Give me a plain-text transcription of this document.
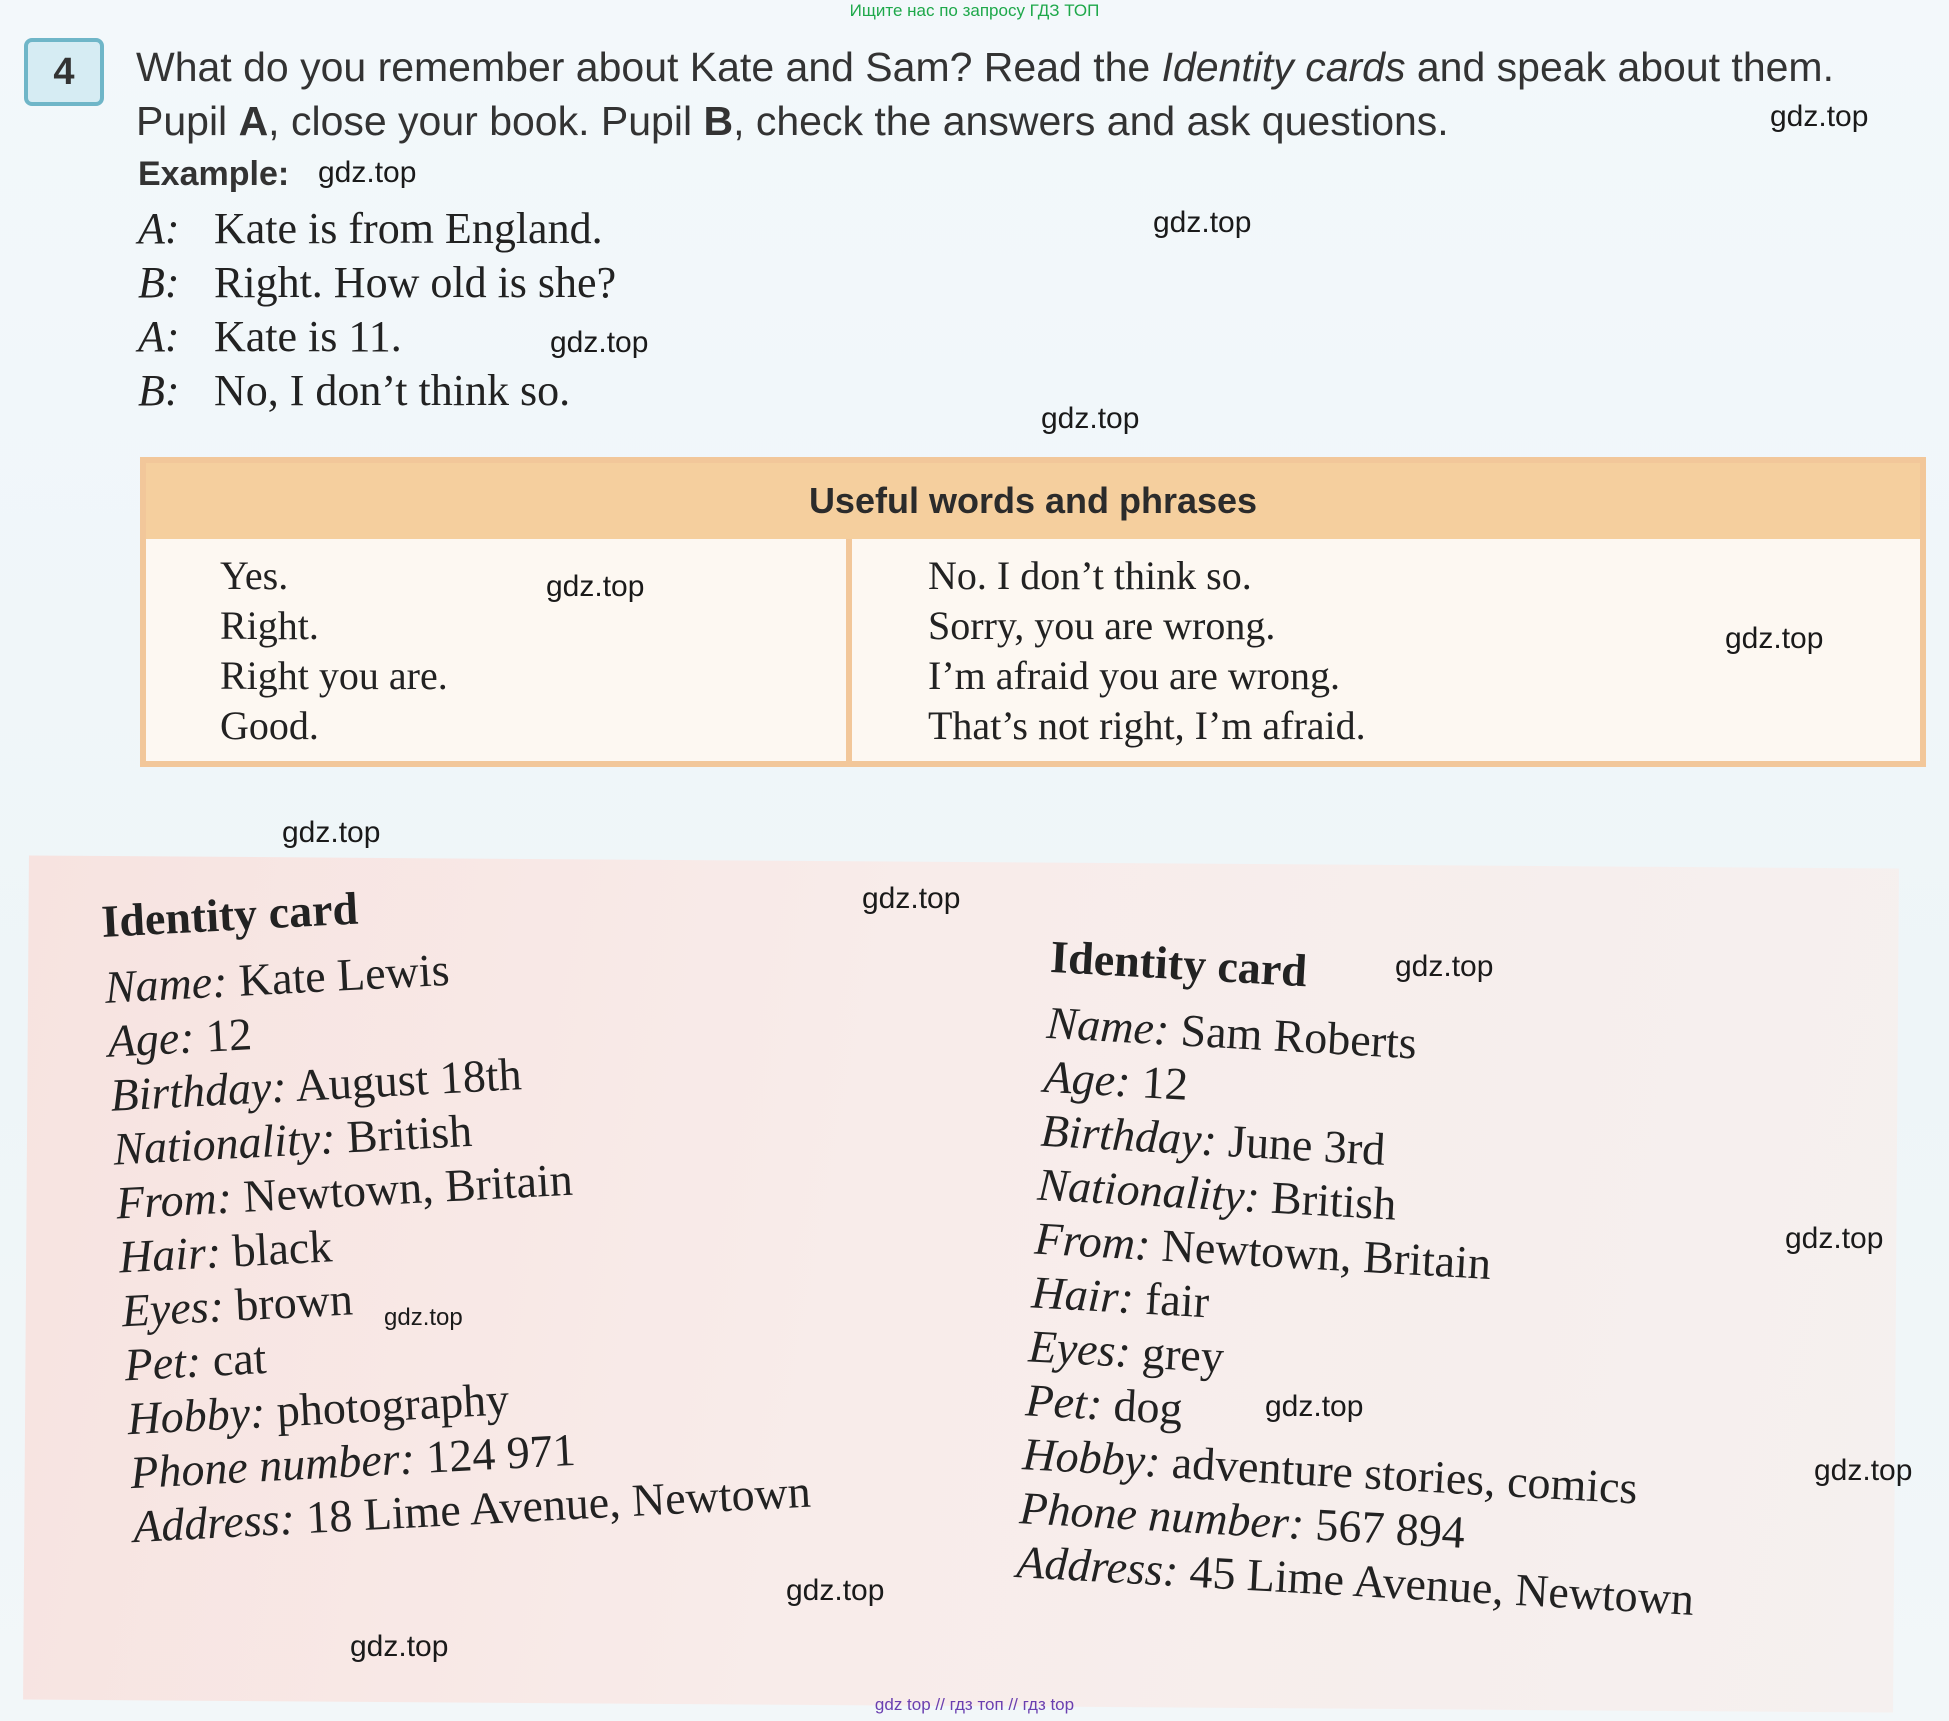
Ищите нас по запросу ГДЗ ТОП
4	What do you remember about Kate and Sam? Read the Identity cards and speak about them. Pupil A, close your book. Pupil B, check the answers and ask questions.
Example:
A: Kate is from England.
B: Right. How old is she?
A: Kate is 11.
B: No, I don’t think so.
Useful words and phrases
Yes.
Right.
Right you are.
Good.
No. I don’t think so.
Sorry, you are wrong.
I’m afraid you are wrong.
That’s not right, I’m afraid.
Identity card
Name: Kate Lewis
Age: 12
Birthday: August 18th
Nationality: British
From: Newtown, Britain
Hair: black
Eyes: brown
Pet: cat
Hobby: photography
Phone number: 124 971
Address: 18 Lime Avenue, Newtown
Identity card
Name: Sam Roberts
Age: 12
Birthday: June 3rd
Nationality: British
From: Newtown, Britain
Hair: fair
Eyes: grey
Pet: dog
Hobby: adventure stories, comics
Phone number: 567 894
Address: 45 Lime Avenue, Newtown
gdz.top
gdz.top
gdz.top
gdz.top
gdz.top
gdz.top
gdz.top
gdz.top
gdz.top
gdz.top
gdz.top
gdz.top
gdz.top
gdz.top
gdz.top
gdz.top
gdz top // гдз топ // гдз top
